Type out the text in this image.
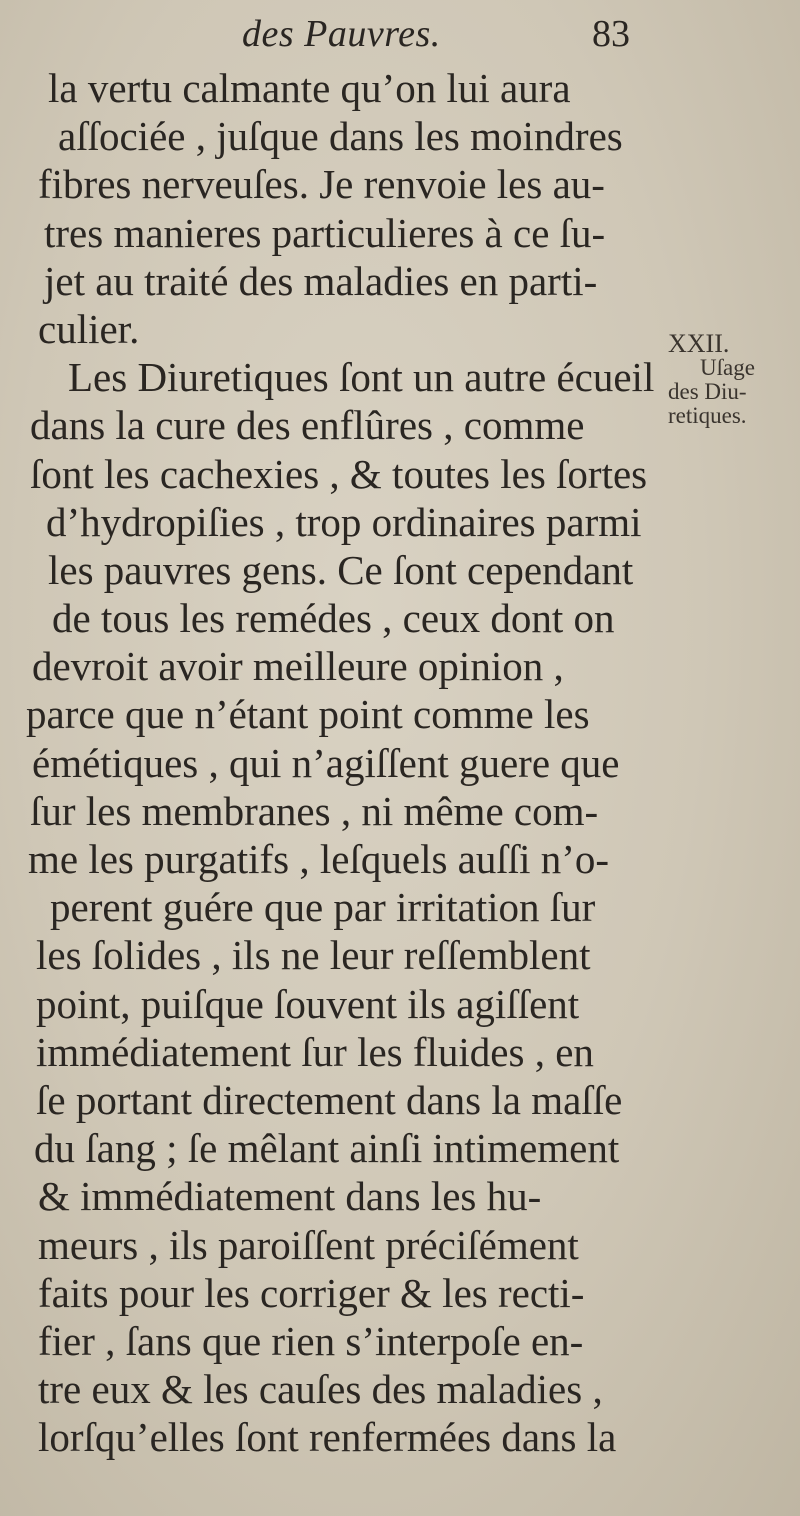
des Pauvres.	83
la vertu calmante qu’on lui aura
aſſociée , juſque dans les moindres
fibres nerveuſes. Je renvoie les au-
tres manieres particulieres à ce ſu-
jet au traité des maladies en parti-
culier.
Les Diuretiques ſont un autre écueil
dans la cure des enflûres , comme
ſont les cachexies , & toutes les ſortes
d’hydropiſies , trop ordinaires parmi
les pauvres gens. Ce ſont cependant
de tous les remédes , ceux dont on
devroit avoir meilleure opinion ,
parce que n’étant point comme les
émétiques , qui n’agiſſent guere que
ſur les membranes , ni même com-
me les purgatifs , leſquels auſſi n’o-
perent guére que par irritation ſur
les ſolides , ils ne leur reſſemblent
point, puiſque ſouvent ils agiſſent
immédiatement ſur les fluides , en
ſe portant directement dans la maſſe
du ſang ; ſe mêlant ainſi intimement
& immédiatement dans les hu-
meurs , ils paroiſſent préciſément
faits pour les corriger & les recti-
fier , ſans que rien s’interpoſe en-
tre eux & les cauſes des maladies ,
lorſqu’elles ſont renfermées dans la
XXII.
Uſage
des Diu-
retiques.
